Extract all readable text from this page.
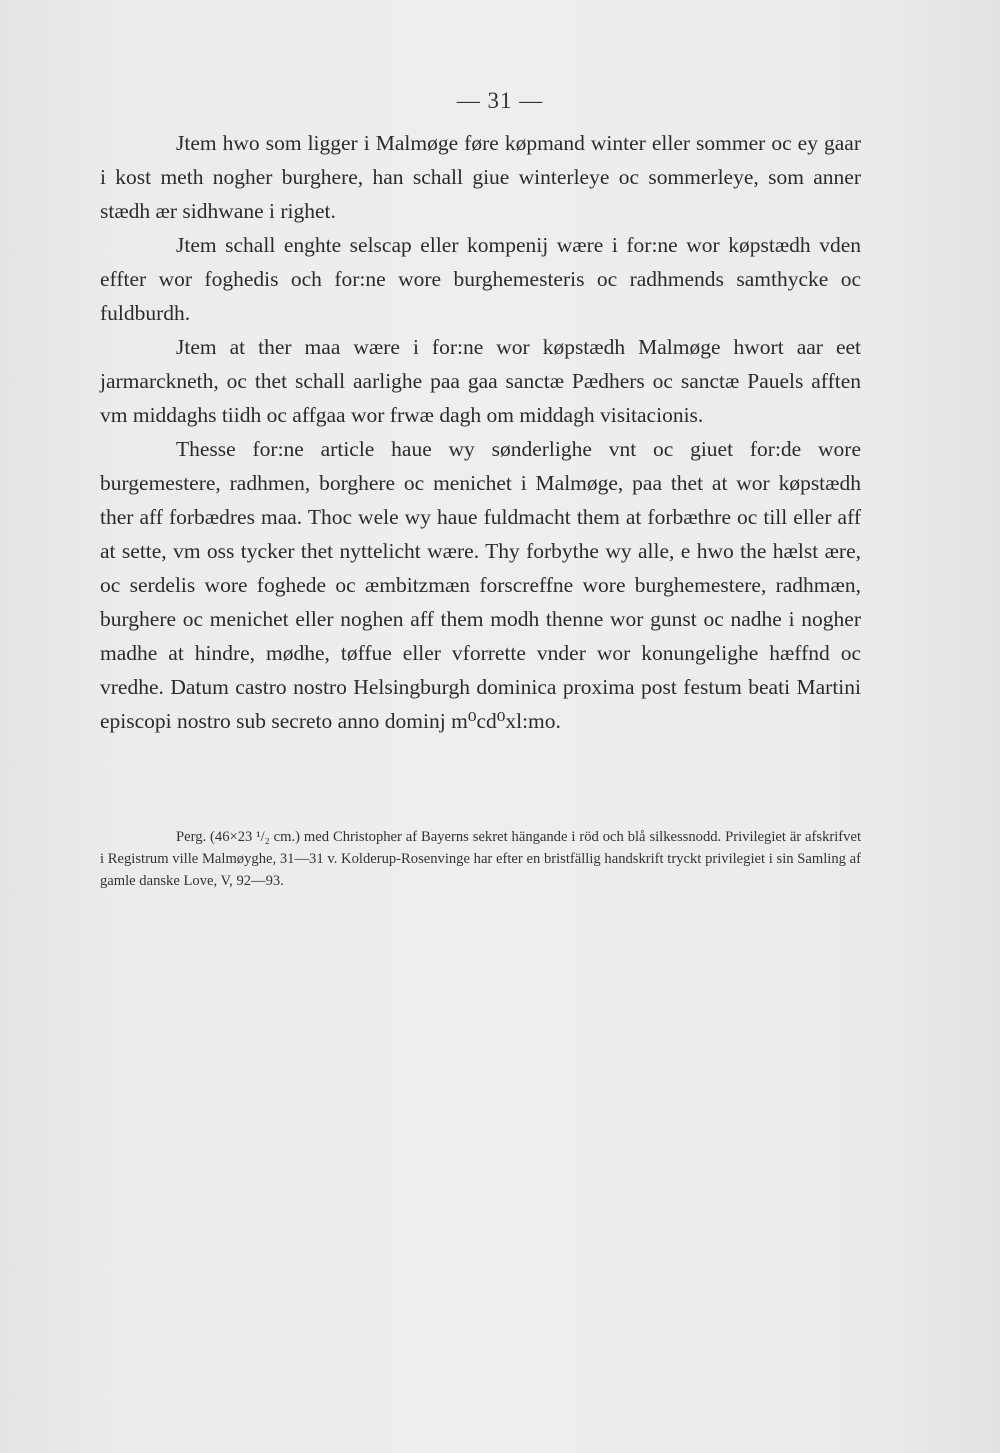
— 31 —

Jtem hwo som ligger i Malmøge føre køpmand winter eller sommer oc ey gaar i kost meth nogher burghere, han schall giue winterleye oc sommerleye, som anner stædh ær sidhwane i righet.

Jtem schall enghte selscap eller kompenij wære i for:ne wor køpstædh vden effter wor foghedis och for:ne wore burghemesteris oc radhmends samthycke oc fuldburdh.

Jtem at ther maa wære i for:ne wor køpstædh Malmøge hwort aar eet jarmarckneth, oc thet schall aarlighe paa gaa sanctæ Pædhers oc sanctæ Pauels afften vm middaghs tiidh oc affgaa wor frwæ dagh om middagh visitacionis.

Thesse for:ne article haue wy sønderlighe vnt oc giuet for:de wore burgemestere, radhmen, borghere oc menichet i Malmøge, paa thet at wor køpstædh ther aff forbædres maa. Thoc wele wy haue fuldmacht them at forbæthre oc till eller aff at sette, vm oss tycker thet nyttelicht wære. Thy forbythe wy alle, e hwo the hælst ære, oc serdelis wore foghede oc æmbitzmæn forscreffne wore burghemestere, radhmæn, burghere oc menichet eller noghen aff them modh thenne wor gunst oc nadhe i nogher madhe at hindre, mødhe, tøffue eller vforrette vnder wor konungelighe hæffnd oc vredhe. Datum castro nostro Helsingburgh dominica proxima post festum beati Martini episcopi nostro sub secreto anno dominj m⁰cd⁰xl:mo.

Perg. (46×23 ¹/₂ cm.) med Christopher af Bayerns sekret hängande i röd och blå silkessnodd. Privilegiet är afskrifvet i Registrum ville Malmøyghe, 31—31 v. Kolderup-Rosenvinge har efter en bristfällig handskrift tryckt privilegiet i sin Samling af gamle danske Love, V, 92—93.
